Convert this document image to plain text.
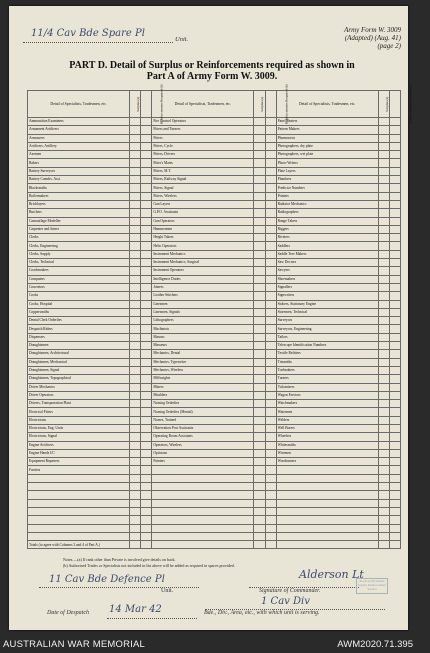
11/4 Cav Bde Spare Pl
Unit.
Army Form W. 3009
(Adapted) (Aug. 41)
(page 2)
PART D. Detail of Surplus or Reinforcements required as shown in
Part A of Army Form W. 3009.
Detail of Specialists, Tradesmen, etc.	Surplus (a)	Reinforcements Required (b)	Detail of Specialists, Tradesmen, etc.	Surplus (a)	Reinforcements Required (b)	Detail of Specialists, Tradesmen, etc.	Surplus (a)	Reinforcements Required (b)
Ammunition Examiners			Fire Control Operators			Panel Beaters		
Armament Artificers			Fitters and Turners			Pattern Makers		
Armourers			Fitters			Pharmacists		
Artificers, Artillery			Fitters, Cycle			Photographers, dry plate		
Axemen			Fitters, Drivers			Photographers, wet plate		
Bakers			Fitter's Mates			Photo-Writers		
Battery Surveyors			Fitters, M.T.			Plate Layers		
Battery Comdrs. Asst.			Fitters, Railway Signal			Plumbers		
Blacksmiths			Fitters, Signal			Predictor Numbers		
Boilermakers			Fitters, Wireless			Printers		
Bricklayers			Gun Layers			Radiator Mechanics		
Butchers			G.P.O. Assistants			Radiographers		
Camouflage Modeller			Gun Operators			Range Takers		
Carpenter and Joiner			Hammermen			Riggers		
Clerks			Height Takers			Riveters		
Clerks, Engineering			Helio Operators			Saddlers		
Clerks, Supply			Instrument Mechanics			Saddle Tree Makers		
Clerks, Technical			Instrument Mechanics, Surgical			Saw Doctors		
Coachmakers			Instrument Operators			Sawyers		
Computers			Intelligence Duties			Shoemakers		
Concretors			Joiners			Signallers		
Cooks			Leather Stitchers			Signwriters		
Cooks, Hospital			Linesmen			Stokers, Stationary Engine		
Coppersmiths			Linesmen, Signals			Storemen, Technical		
Dental Clerk Orderlies			Lithographers			Surveyors		
Despatch Riders			Machinists			Surveyors, Engineering		
Dispensers			Masons			Tailors		
Draughtsmen			Masseurs			Telescope Identification Numbers		
Draughtsmen, Architectural			Mechanics, Dental			Textile Refitters		
Draughtsmen, Mechanical			Mechanics, Typewriter			Tinsmiths		
Draughtsmen, Signal			Mechanics, Wireless			Toolmakers		
Draughtsmen, Topographical			Millwrights			Turners		
Driver Mechanics			Miners			Vulcanisers		
Driver Operators			Moulders			Wagon Erectors		
Drivers, Transportation Plant			Nursing Orderlies			Watchmakers		
Electrical Fitters			Nursing Orderlies (Mental)			Watermen		
Electricians			Nurses, Trained			Welders		
Electricians, Eng. Units			Observation Post Assistants			Well Borers		
Electricians, Signal			Operating Room Assistants			Wheelers		
Engine Artificers			Operators, Wireless			Whitesmiths		
Engine Hands I/C			Opticians			Wiremen		
Equipment Repairers			Painters			Woodturners		
Farriers								

Totals (to agree with Columns 3 and 4 of Part A.)								
Notes.—(a) If rank other than Private is involved give details on back.
(b) Authorised Trades or Specialists not included in list above will be added as required in spaces provided.
11 Cav Bde Defence Pl
Unit.
Alderson Lt
Signature of Commander.
Received Movement Inquiry Reinforcement Section
Date of Despatch 14 Mar 42
1 Cav Div
Bde., Div., Area, etc., with which unit is serving.
AUSTRALIAN WAR MEMORIAL	AWM2020.71.395
